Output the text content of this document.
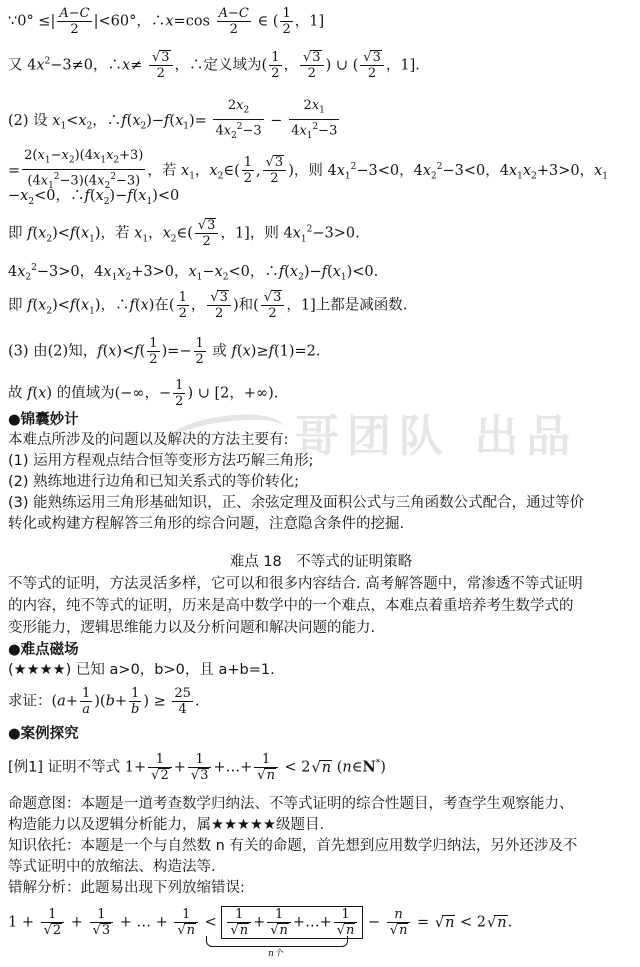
哥团队 出品
∵0° ≤| $\frac{A-C}{2} |<60^\circ$，∴x=cos $\frac{A-C}{2}$ ∈ ( $\frac{1}{2}$ ，1]
又 $4x^2-3\ne 0$，∴x≠ √ $\frac{3}{2}$ ，∴定义域为( $\frac{1}{2}$ ， √ $\frac{3}{2}$ ) ∪ ( √ $\frac{3}{2}$ ，1].
(2) 设 $x_1<x_2$，$\therefore f(x_2)-f(x_1)= \frac{2x_2}{4x_2^2-3} - \frac{2x_1}{4x_1^2-3}$
= $\frac{2(x_1-x_2)(4x_1x_2+3)}{(4x_1^2-3)(4x_2^2-3)}$ ，若 $x_1$，$x_2\in( \frac{1}{2}$ , √ $\frac{3}{2}$ )，则 $4x_1^2-3<0$，$4x_2^2-3<0$，$4x_1x_2+3>0$，$x_1$
$-x_2<0$，$\therefore f(x_2)-f(x_1)<0$
即 $f(x_2)<f(x_1)$，若 $x_1$，$x_2\in$( √ $\frac{3}{2}$ ，1]，则 $4x_1^2-3>0$.
$4x_2^2-3>0$，$4x_1x_2+3>0$，$x_1-x_2<0$，$\therefore f(x_2)-f(x_1)<0$.
即 $f(x_2)<f(x_1)$，∴f(x)在( $\frac{1}{2}$ ， √ $\frac{3}{2}$ )和( √ $\frac{3}{2}$ ，1]上都是减函数.
(3) 由(2)知，$f(x)<f( \frac{1}{2}$ )=− $\frac{1}{2}$ 或 f(x)≥f(1)=2.
故 f(x) 的值域为(−∞，− $\frac{1}{2}$ ) ∪ [2，+∞).
●锦囊妙计
本难点所涉及的问题以及解决的方法主要有:
(1) 运用方程观点结合恒等变形方法巧解三角形;
(2) 熟练地进行边角和已知关系式的等价转化;
(3) 能熟练运用三角形基础知识，正、余弦定理及面积公式与三角函数公式配合，通过等价
转化或构建方程解答三角形的综合问题，注意隐含条件的挖掘.
难点 18　不等式的证明策略
不等式的证明，方法灵活多样，它可以和很多内容结合. 高考解答题中，常渗透不等式证明
的内容，纯不等式的证明，历来是高中数学中的一个难点，本难点着重培养考生数学式的
变形能力，逻辑思维能力以及分析问题和解决问题的能力.
●难点磁场
(★★★★) 已知 a>0，b>0，且 a+b=1.
求证：$(a+ \frac{1}{a} )(b+ \frac{1}{b}$ ) ≥ $\frac{25}{4}$ .
●案例探究
[例1] 证明不等式 1+ 1
√ 2 + 1
√ 3 +…+ 1
√ n < 2 √ n (n∈N*)
命题意图：本题是一道考查数学归纳法、不等式证明的综合性题目，考查学生观察能力、
构造能力以及逻辑分析能力，属★★★★★级题目.
知识依托：本题是一个与自然数 n 有关的命题，首先想到应用数学归纳法，另外还涉及不
等式证明中的放缩法、构造法等.
错解分析：此题易出现下列放缩错误:
1 + 1
√ 2 + 1
√ 3 + … + 1
√ n < 1
√ n + 1
√ n +…+ 1
√ n − n
√ n = √ n < 2 √ n.
n个
